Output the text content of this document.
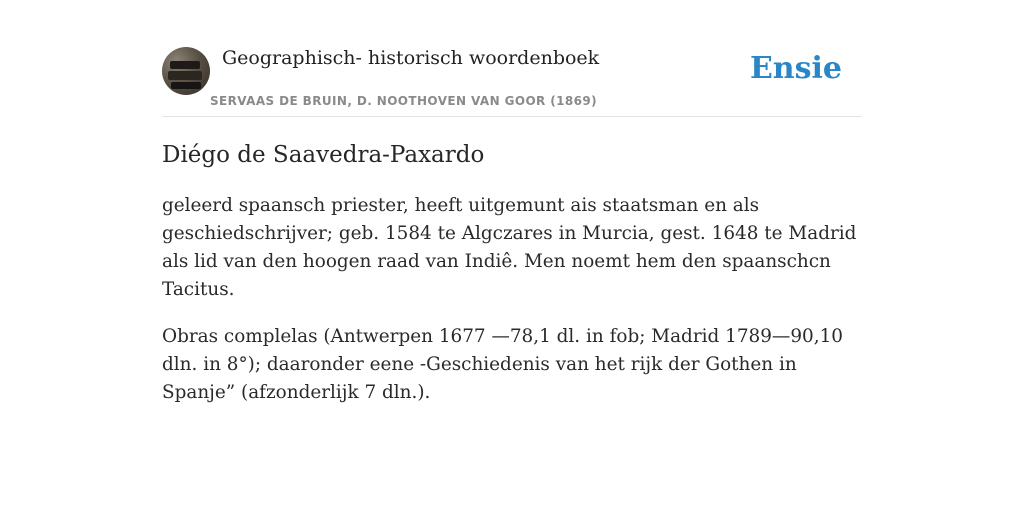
Geographisch- historisch woordenboek
SERVAAS DE BRUIN, D. NOOTHOVEN VAN GOOR (1869)
Ensie
Diégo de Saavedra-Paxardo

geleerd spaansch priester, heeft uitgemunt ais staatsman en als geschiedschrijver; geb. 1584 te Algczares in Murcia, gest. 1648 te Madrid als lid van den hoogen raad van Indiê. Men noemt hem den spaanschcn Tacitus.

Obras complelas (Antwerpen 1677 —78,1 dl. in fob; Madrid 1789—90,10 dln. in 8°); daaronder eene -Geschiedenis van het rijk der Gothen in Spanje” (afzonderlijk 7 dln.).
